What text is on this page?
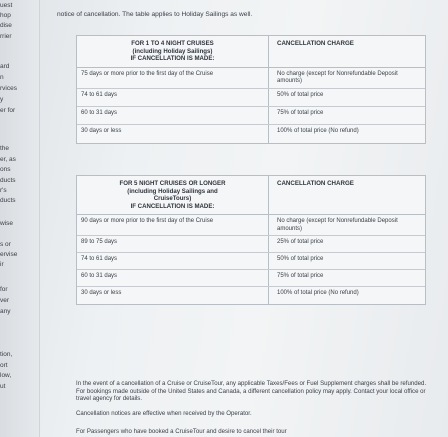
uest
hop
dise
rrier
ard
n
rvices
y
er for
the
er, as
ons
ducts
r's
ducts
wise
s or
ervise
ir
for
ver
any
tion,
ort
low,
ut
notice of cancellation. The table applies to Holiday Sailings as well.
FOR 1 TO 4 NIGHT CRUISES
(including Holiday Sailings)
IF CANCELLATION IS MADE:
CANCELLATION CHARGE
75 days or more prior to the first day of the Cruise	No charge (except for Nonrefundable Deposit amounts)
74 to 61 days	50% of total price
60 to 31 days	75% of total price
30 days or less	100% of total price (No refund)
FOR 5 NIGHT CRUISES OR LONGER
(including Holiday Sailings and
CruiseTours)
IF CANCELLATION IS MADE:
CANCELLATION CHARGE
90 days or more prior to the first day of the Cruise	No charge (except for Nonrefundable Deposit amounts)
89 to 75 days	25% of total price
74 to 61 days	50% of total price
60 to 31 days	75% of total price
30 days or less	100% of total price (No refund)
In the event of a cancellation of a Cruise or CruiseTour, any applicable Taxes/Fees or Fuel Supplement charges shall be refunded. For bookings made outside of the United States and Canada, a different cancellation policy may apply. Contact your local office or travel agency for details.
Cancellation notices are effective when received by the Operator.
For Passengers who have booked a CruiseTour and desire to cancel their tour
